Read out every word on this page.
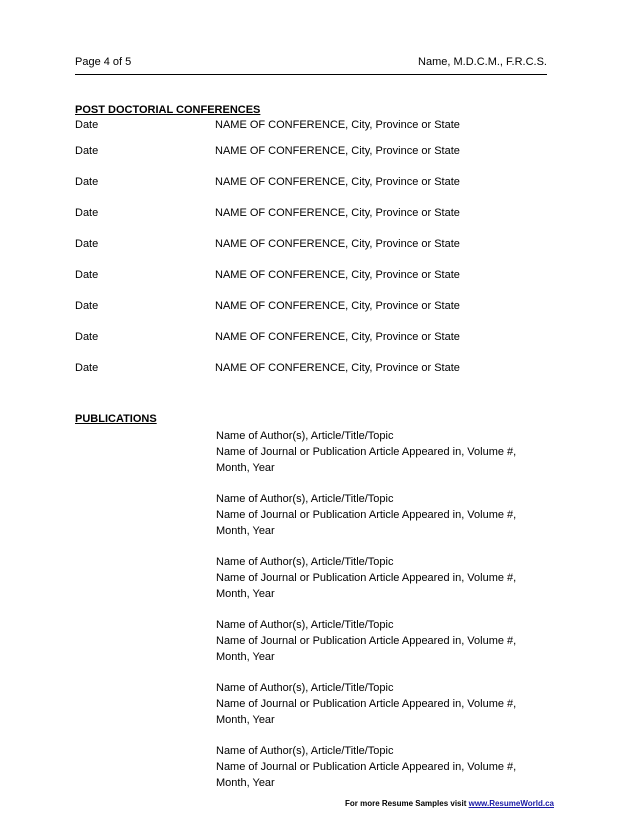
Page 4 of 5	Name, M.D.C.M., F.R.C.S.
POST DOCTORIAL CONFERENCES
Date	NAME OF CONFERENCE, City, Province or State
Date	NAME OF CONFERENCE, City, Province or State
Date	NAME OF CONFERENCE, City, Province or State
Date	NAME OF CONFERENCE, City, Province or State
Date	NAME OF CONFERENCE, City, Province or State
Date	NAME OF CONFERENCE, City, Province or State
Date	NAME OF CONFERENCE, City, Province or State
Date	NAME OF CONFERENCE, City, Province or State
Date	NAME OF CONFERENCE, City, Province or State
PUBLICATIONS
Name of Author(s), Article/Title/Topic
Name of Journal or Publication Article Appeared in, Volume #,
Month, Year
Name of Author(s), Article/Title/Topic
Name of Journal or Publication Article Appeared in, Volume #,
Month, Year
Name of Author(s), Article/Title/Topic
Name of Journal or Publication Article Appeared in, Volume #,
Month, Year
Name of Author(s), Article/Title/Topic
Name of Journal or Publication Article Appeared in, Volume #,
Month, Year
Name of Author(s), Article/Title/Topic
Name of Journal or Publication Article Appeared in, Volume #,
Month, Year
Name of Author(s), Article/Title/Topic
Name of Journal or Publication Article Appeared in, Volume #,
Month, Year
For more Resume Samples visit www.ResumeWorld.ca
